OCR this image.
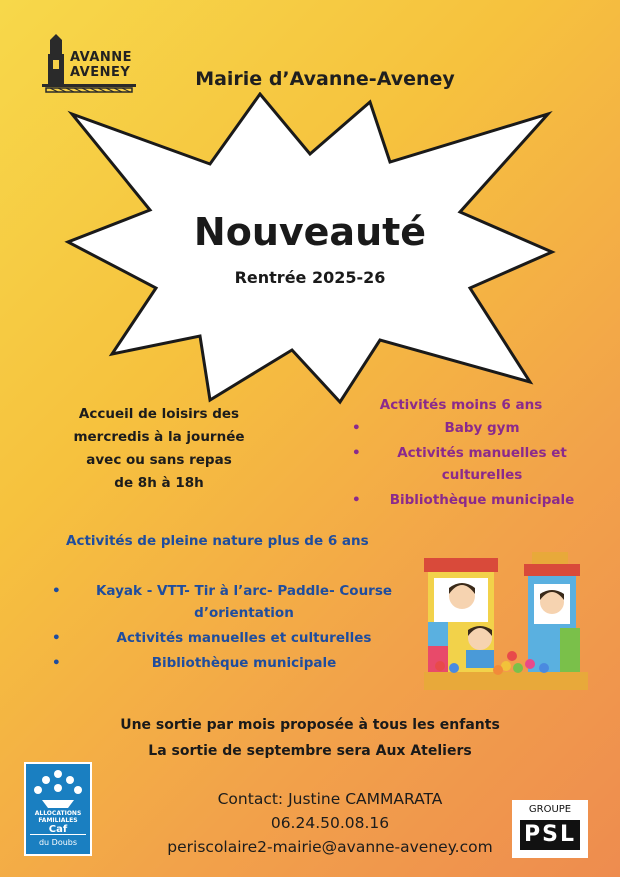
AVANNE
AVENEY	Mairie d’Avanne-Aveney
Nouveauté
Rentrée 2025-26
Accueil de loisirs des
mercredis à la journée
avec ou sans repas
de 8h à 18h
Activités moins 6 ans
•	Baby gym
•	Activités manuelles et culturelles
•	Bibliothèque municipale
Activités de pleine nature plus de 6 ans
•	Kayak - VTT- Tir à l’arc- Paddle- Course d’orientation
•	Activités manuelles et culturelles
•	Bibliothèque municipale
Une sortie par mois proposée à tous les enfants
La sortie de septembre sera Aux Ateliers
ALLOCATIONS
FAMILIALES
Caf
du Doubs
Contact: Justine CAMMARATA
06.24.50.08.16
periscolaire2-mairie@avanne-aveney.com
GROUPE
PSL
